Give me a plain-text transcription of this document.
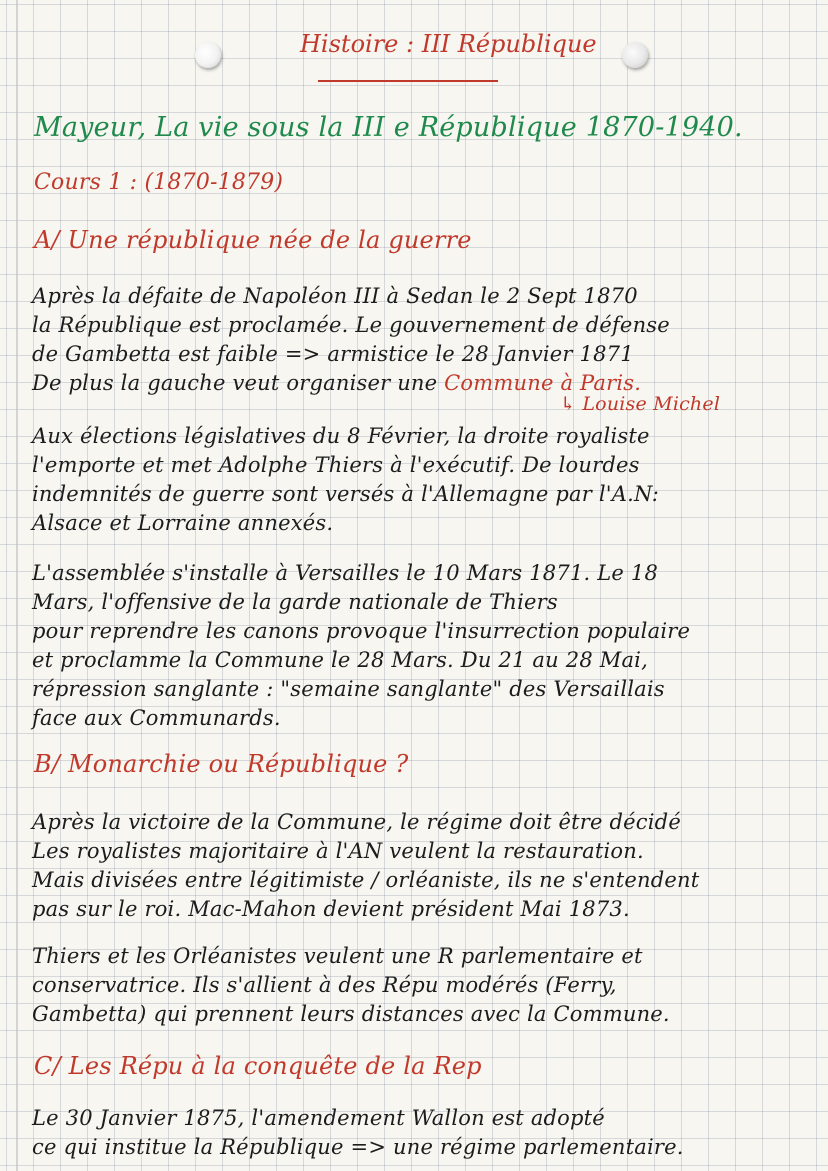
Histoire : III République
Mayeur, La vie sous la III e République 1870-1940.
Cours 1 : (1870-1879)
A/ Une république née de la guerre
Après la défaite de Napoléon III à Sedan le 2 Sept 1870
la République est proclamée. Le gouvernement de défense
de Gambetta est faible => armistice le 28 Janvier 1871
De plus la gauche veut organiser une Commune à Paris.
↳ Louise Michel
Aux élections législatives du 8 Février, la droite royaliste
l'emporte et met Adolphe Thiers à l'exécutif. De lourdes
indemnités de guerre sont versés à l'Allemagne par l'A.N:
Alsace et Lorraine annexés.
L'assemblée s'installe à Versailles le 10 Mars 1871. Le 18
Mars, l'offensive de la garde nationale de Thiers
pour reprendre les canons provoque l'insurrection populaire
et proclamme la Commune le 28 Mars. Du 21 au 28 Mai,
répression sanglante : "semaine sanglante" des Versaillais
face aux Communards.
B/ Monarchie ou République ?
Après la victoire de la Commune, le régime doit être décidé
Les royalistes majoritaire à l'AN veulent la restauration.
Mais divisées entre légitimiste / orléaniste, ils ne s'entendent
pas sur le roi. Mac-Mahon devient président Mai 1873.
Thiers et les Orléanistes veulent une R parlementaire et
conservatrice. Ils s'allient à des Répu modérés (Ferry,
Gambetta) qui prennent leurs distances avec la Commune.
C/ Les Répu à la conquête de la Rep
Le 30 Janvier 1875, l'amendement Wallon est adopté
ce qui institue la République => une régime parlementaire.
